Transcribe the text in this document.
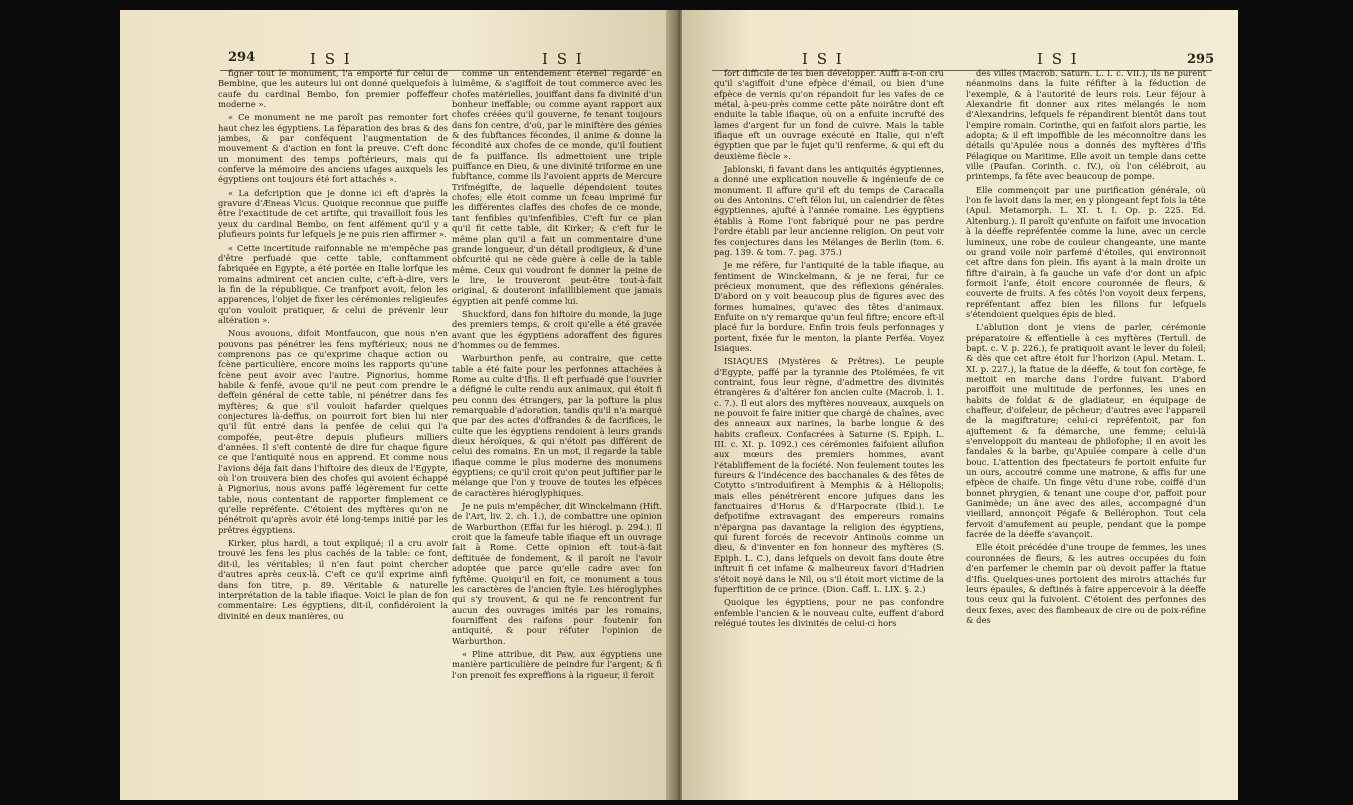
294	I S I	I S I

figner tout le monument, l'a emporté fur celui de Bembine, que les auteurs lui ont donné quelquefois à caufe du cardinal Bembo, fon premier poffeffeur moderne ».

« Ce monument ne me paroît pas remonter fort haut chez les égyptiens. La féparation des bras & des jambes, & par conféquent l'augmentation de mouvement & d'action en font la preuve. C'eft donc un monument des temps poftérieurs, mais qui conferve la mémoire des anciens ufages auxquels les égyptiens ont toujours été fort attachés ».

« La defcription que je donne ici eft d'après la gravure d'Æneas Vicus. Quoique reconnue que puiffe être l'exactitude de cet artifte, qui travailloit fous les yeux du cardinal Bembo, on fent aifément qu'il y a plufieurs points fur lefquels je ne puis rien affirmer ».

« Cette incertitude raifonnable ne m'empêche pas d'être perfuadé que cette table, conftamment fabriquée en Egypte, a été portée en Italie lorfque les romains admirent cet ancien culte, c'eft-à-dire, vers la fin de la république. Ce tranfport avoit, felon les apparences, l'objet de fixer les cérémonies religieufes qu'on vouloit pratiquer, & celui de prévenir leur altération ».

Nous avouons, difoit Montfaucon, que nous n'en pouvons pas pénétrer les fens myftérieux; nous ne comprenons pas ce qu'exprime chaque action ou fcène particulière, encore moins les rapports qu'une fcène peut avoir avec l'autre. Pignorius, homme habile & fenfé, avoue qu'il ne peut com prendre le deffein général de cette table, ni pénétrer dans fes myftères; & que s'il vouloit hafarder quelques conjectures là-deffus, on pourroit fort bien lui nier qu'il fût entré dans la penfée de celui qui l'a compofée, peut-être depuis plufieurs milliers d'années. Il s'eft contenté de dire fur chaque figure ce que l'antiquité nous en apprend. Et comme nous l'avions déja fait dans l'hiftoire des dieux de l'Egypte, où l'on trouvera bien des chofes qui avoient échappé à Pignorius, nous avons paffé légèrement fur cette table, nous contentant de rapporter fimplement ce qu'elle repréfente. C'étoient des myftères qu'on ne pénétroit qu'après avoir été long-temps initié par les prêtres égyptiens.

Kirker, plus hardi, a tout expliqué; il a cru avoir trouvé les fens les plus cachés de la table: ce font, dit-il, les véritables; il n'en faut point chercher d'autres après ceux-là. C'eft ce qu'il exprime ainfi dans fon titre, p. 89. Véritable & naturelle interprétation de la table ifiaque. Voici le plan de fon commentaire: Les égyptiens, dit-il, confidéroient la divinité en deux manières, ou

comme un entendement éternel regardé en luimême, & s'agiffoit de tout commerce avec les chofes matérielles, jouiffant dans fa divinité d'un bonheur ineffable; ou comme ayant rapport aux chofes créées qu'il gouverne, fe tenant toujours dans fon centre, d'où, par le miniftère des génies & des fubftances fécondes, il anime & donne la fécondité aux chofes de ce monde, qu'il foutient de fa puiffance. Ils admettoient une triple puiffance en Dieu, & une divinité triforme en une fubftance, comme ils l'avoient appris de Mercure Trifmégifte, de laquelle dépendoient toutes chofes; elle étoit comme un fceau imprimé fur les différentes claffes des chofes de ce monde, tant fenfibles qu'infenfibles. C'eft fur ce plan qu'il fit cette table, dit Kirker; & c'eft fur le même plan qu'il a fait un commentaire d'une grande longueur, d'un détail prodigieux, & d'une obfcurité qui ne cède guère à celle de la table même. Ceux qui voudront fe donner la peine de le lire, le trouveront peut-être tout-à-fait original, & douteront infailliblement que jamais égyptien ait penfé comme lui.

Shuckford, dans fon hiftoire du monde, la juge des premiers temps, & croit qu'elle a été gravée avant que les égyptiens adoraffent des figures d'hommes ou de femmes.

Warburthon penfe, au contraire, que cette table a été faite pour les perfonnes attachées à Rome au culte d'Ifis. Il eft perfuadé que l'ouvrier a défigné le culte rendu aux animaux, qui étoit fi peu connu des étrangers, par la pofture la plus remarquable d'adoration, tandis qu'il n'a marqué que par des actes d'offrandes & de facrifices, le culte que les égyptiens rendoient à leurs grands dieux héroïques, & qui n'étoit pas différent de celui des romains. En un mot, il regarde la table ifiaque comme le plus moderne des monumens égyptiens; ce qu'il croit qu'on peut juftifier par le mélange que l'on y trouve de toutes les efpèces de caractères hiéroglyphiques.

Je ne puis m'empêcher, dit Winckelmann (Hift. de l'Art, liv. 2. ch. 1.), de combattre une opinion de Warburthon (Effai fur les hiérogl. p. 294.). Il croit que la fameufe table ifiaque eft un ouvrage fait à Rome. Cette opinion eft tout-à-fait deftituée de fondement, & il paroît ne l'avoir adoptée que parce qu'elle cadre avec fon fyftême. Quoiqu'il en foit, ce monument a tous les caractères de l'ancien ftyle. Les hiéroglyphes qui s'y trouvent, & qui ne fe rencontrent fur aucun des ouvrages imités par les romains, fourniffent des raifons pour foutenir fon antiquité, & pour réfuter l'opinion de Warburthon.

« Pline attribue, dit Paw, aux égyptiens une manière particulière de peindre fur l'argent; & fi l'on prenoit fes expreffions à la rigueur, il feroit

I S I	I S I	295

fort difficile de les bien développer. Auffi a-t-on cru qu'il s'agiffoit d'une efpèce d'émail, ou bien d'une efpèce de vernis qu'on répandoit fur les vafes de ce métal, à-peu-près comme cette pâte noirâtre dont eft enduite la table ifiaque, où on a enfuite incrufté des lames d'argent fur un fond de cuivre. Mais la table ifiaque eft un ouvrage exécuté en Italie, qui n'eft égyptien que par le fujet qu'il renferme, & qui eft du deuxième fiècle ».

Jablonski, fi favant dans les antiquités égyptiennes, a donné une explication nouvelle & ingénieufe de ce monument. Il affure qu'il eft du temps de Caracalla ou des Antonins. C'eft félon lui, un calendrier de fêtes égyptiennes, ajufté à l'année romaine. Les égyptiens établis à Rome l'ont fabriqué pour ne pas perdre l'ordre établi par leur ancienne religion. On peut voir fes conjectures dans les Mélanges de Berlin (tom. 6. pag. 139. & tom. 7. pag. 375.)

Je me réfère, fur l'antiquité de la table ifiaque, au fentiment de Winckelmann, & je ne ferai, fur ce précieux monument, que des réflexions générales. D'abord on y voit beaucoup plus de figures avec des formes humaines, qu'avec des têtes d'animaux. Enfuite on n'y remarque qu'un feul fiftre; encore eft-il placé fur la bordure. Enfin trois feuls perfonnages y portent, fixée fur le menton, la plante Perféa. Voyez Isiaques.

ISIAQUES (Mystères & Prêtres). Le peuple d'Egypte, paffé par la tyrannie des Ptolémées, fe vit contraint, fous leur règne, d'admettre des divinités étrangères & d'altérer fon ancien culte (Macrob. l. 1. c. 7.). Il eut alors des myftères nouveaux, auxquels on ne pouvoit fe faire initier que chargé de chaînes, avec des anneaux aux narines, la barbe longue & des habits crafleux. Confacrées à Saturne (S. Epiph. L. III. c. XI. p. 1092.) ces cérémonies faifoient allufion aux mœurs des premiers hommes, avant l'établiffement de la fociété. Non feulement toutes les fureurs & l'indécence des bacchanales & des fêtes de Cotytto s'introduifirent à Memphis & à Héliopolis; mais elles pénétrèrent encore jufques dans les fanctuaires d'Horus & d'Harpocrate (Ibid.). Le defpotifme extravagant des empereurs romains n'épargna pas davantage la religion des égyptiens, qui furent forcés de recevoir Antinoüs comme un dieu, & d'inventer en fon honneur des myftères (S. Epiph. L. C.), dans lefquels on devoit fans doute être inftruit fi cet infame & malheureux favori d'Hadrien s'étoit noyé dans le Nil, ou s'il étoit mort victime de la fuperftition de ce prince. (Dion. Caff. L. LIX. §. 2.)

Quoique les égyptiens, pour ne pas confondre enfemble l'ancien & le nouveau culte, euffent d'abord relégué toutes les divinités de celui-ci hors

des villes (Macrob. Saturn. L. I. c. VII.), ils ne purent néanmoins dans la fuite réfifter à la féduction de l'exemple, & à l'autorité de leurs rois. Leur féjour à Alexandrie fit donner aux rites mélangés le nom d'Alexandrins, lefquels fe répandirent bientôt dans tout l'empire romain. Corinthe, qui en faifoit alors partie, les adopta; & il eft impoffible de les méconnoître dans les détails qu'Apulée nous a donnés des myftères d'Ifis Pélagique ou Maritime. Elle avoit un temple dans cette ville (Paufan. Corinth. c. IV.), où l'on célébroit, au printemps, fa fête avec beaucoup de pompe.

Elle commençoit par une purification générale, où l'on fe lavoit dans la mer, en y plongeant fept fois la tête (Apul. Metamorph. L. XI. t. I. Op. p. 225. Ed. Altenburg.). Il paroît qu'enfuite on faifoit une invocation à la déeffe repréfentée comme la lune, avec un cercle lumineux, une robe de couleur changeante, une mante ou grand voile noir parfemé d'étoiles, qui environnoit cet aftre dans fon plein. Ifis ayant à la main droite un fiftre d'airain, à fa gauche un vafe d'or dont un afpic formoit l'anfe, étoit encore couronnée de fleurs, & couverte de fruits. A fes côtés l'on voyoit deux ferpens, repréfentant affez bien les fillons fur lefquels s'étendoient quelques épis de bled.

L'ablution dont je viens de parler, cérémonie préparatoire & effentielle à ces myftères (Tertull. de bapt. c. V. p. 226.), fe pratiquoit avant le lever du foleil; & dès que cet aftre étoit fur l'horizon (Apul. Metam. L. XI. p. 227.), la ftatue de la déeffe, & tout fon cortège, fe mettoit en marche dans l'ordre fuivant. D'abord paroiffoit une multitude de perfonnes, les unes en habits de foldat & de gladiateur, en équipage de chaffeur, d'oifeleur, de pêcheur; d'autres avec l'appareil de la magiftrature; celui-ci repréfentoit, par fon ajuftement & fa démarche, une femme; celui-là s'enveloppoit du manteau de philofophe; il en avoit les fandales & la barbe, qu'Apulée compare à celle d'un bouc. L'attention des fpectateurs fe portoit enfuite fur un ours, accoutré comme une matrone, & affis fur une efpèce de chaife. Un finge vêtu d'une robe, coiffé d'un bonnet phrygien, & tenant une coupe d'or, paffoit pour Ganimède; un âne avec des ailes, accompagné d'un vieillard, annonçoit Pégafe & Bellérophon. Tout cela fervoit d'amufement au peuple, pendant que la pompe facrée de la déeffe s'avançoit.

Elle étoit précédée d'une troupe de femmes, les unes couronnées de fleurs, & les autres occupées du foin d'en parfemer le chemin par où devoit paffer la ftatue d'Ifis. Quelques-unes portoient des miroirs attachés fur leurs épaules, & deftinés à faire appercevoir à la déeffe tous ceux qui la fuivoient. C'étoient des perfonnes des deux fexes, avec des flambeaux de cire ou de poix-réfine & des
